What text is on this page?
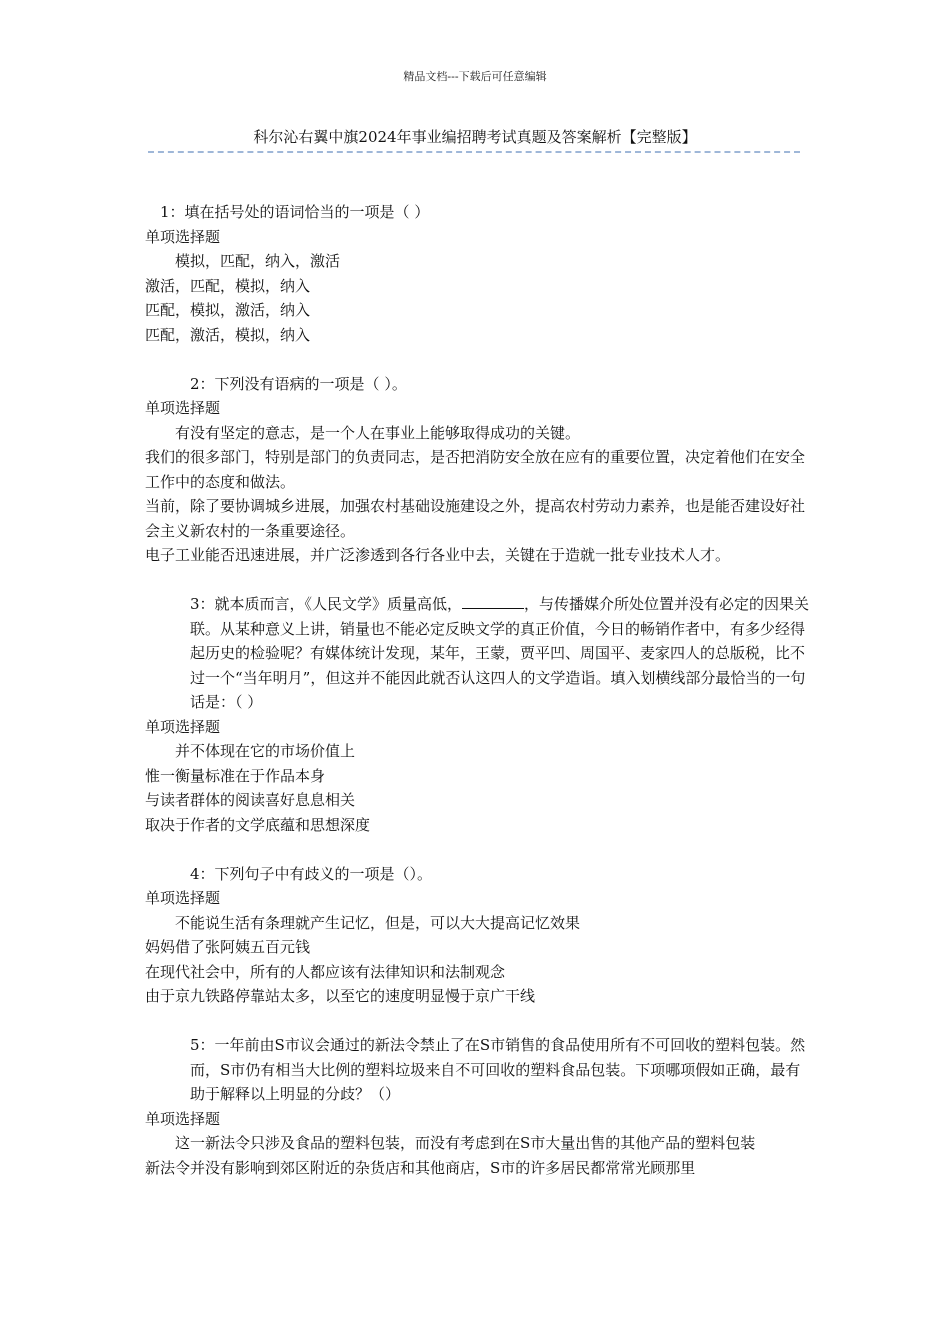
精品文档---下载后可任意编辑
科尔沁右翼中旗2024年事业编招聘考试真题及答案解析【完整版】

1：填在括号处的语词恰当的一项是（ ）

单项选择题

模拟，匹配，纳入，激活

激活，匹配，模拟，纳入

匹配，模拟，激活，纳入

匹配，激活，模拟，纳入

2：下列没有语病的一项是（ ）。

单项选择题

有没有坚定的意志，是一个人在事业上能够取得成功的关键。

我们的很多部门，特别是部门的负责同志，是否把消防安全放在应有的重要位置，决定着他们在安全工作中的态度和做法。

当前，除了要协调城乡进展，加强农村基础设施建设之外，提高农村劳动力素养，也是能否建设好社会主义新农村的一条重要途径。

电子工业能否迅速进展，并广泛渗透到各行各业中去，关键在于造就一批专业技术人才。

3：就本质而言，《人民文学》质量高低，	，与传播媒介所处位置并没有必定的因果关联。从某种意义上讲，销量也不能必定反映文学的真正价值，今日的畅销作者中，有多少经得起历史的检验呢？有媒体统计发现，某年，王蒙，贾平凹、周国平、麦家四人的总版税，比不过一个“当年明月”，但这并不能因此就否认这四人的文学造诣。填入划横线部分最恰当的一句话是：（ ）

单项选择题

并不体现在它的市场价值上

惟一衡量标准在于作品本身

与读者群体的阅读喜好息息相关

取决于作者的文学底蕴和思想深度

4：下列句子中有歧义的一项是（）。

单项选择题

不能说生活有条理就产生记忆，但是，可以大大提高记忆效果

妈妈借了张阿姨五百元钱

在现代社会中，所有的人都应该有法律知识和法制观念

由于京九铁路停靠站太多，以至它的速度明显慢于京广干线

5：一年前由S市议会通过的新法令禁止了在S市销售的食品使用所有不可回收的塑料包装。然而，S市仍有相当大比例的塑料垃圾来自不可回收的塑料食品包装。下项哪项假如正确，最有助于解释以上明显的分歧？（）

单项选择题

这一新法令只涉及食品的塑料包装，而没有考虑到在S市大量出售的其他产品的塑料包装

新法令并没有影响到郊区附近的杂货店和其他商店，S市的许多居民都常常光顾那里
